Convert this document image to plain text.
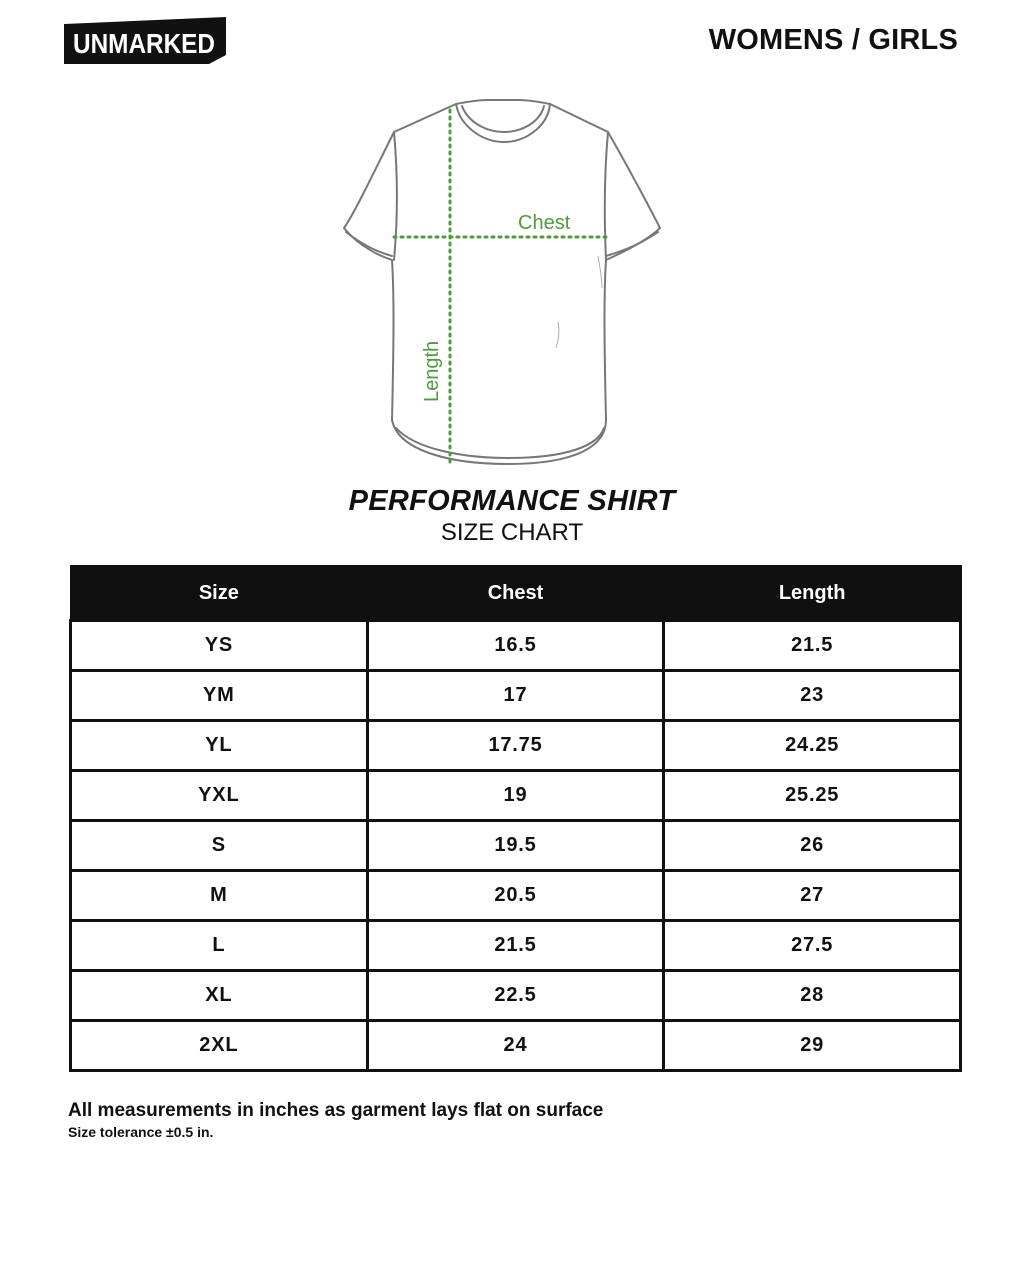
UNMARKED	WOMENS / GIRLS
Chest
Length
PERFORMANCE SHIRT
SIZE CHART
Size	Chest	Length
YS	16.5	21.5
YM	17	23
YL	17.75	24.25
YXL	19	25.25
S	19.5	26
M	20.5	27
L	21.5	27.5
XL	22.5	28
2XL	24	29
All measurements in inches as garment lays flat on surface
Size tolerance ±0.5 in.
